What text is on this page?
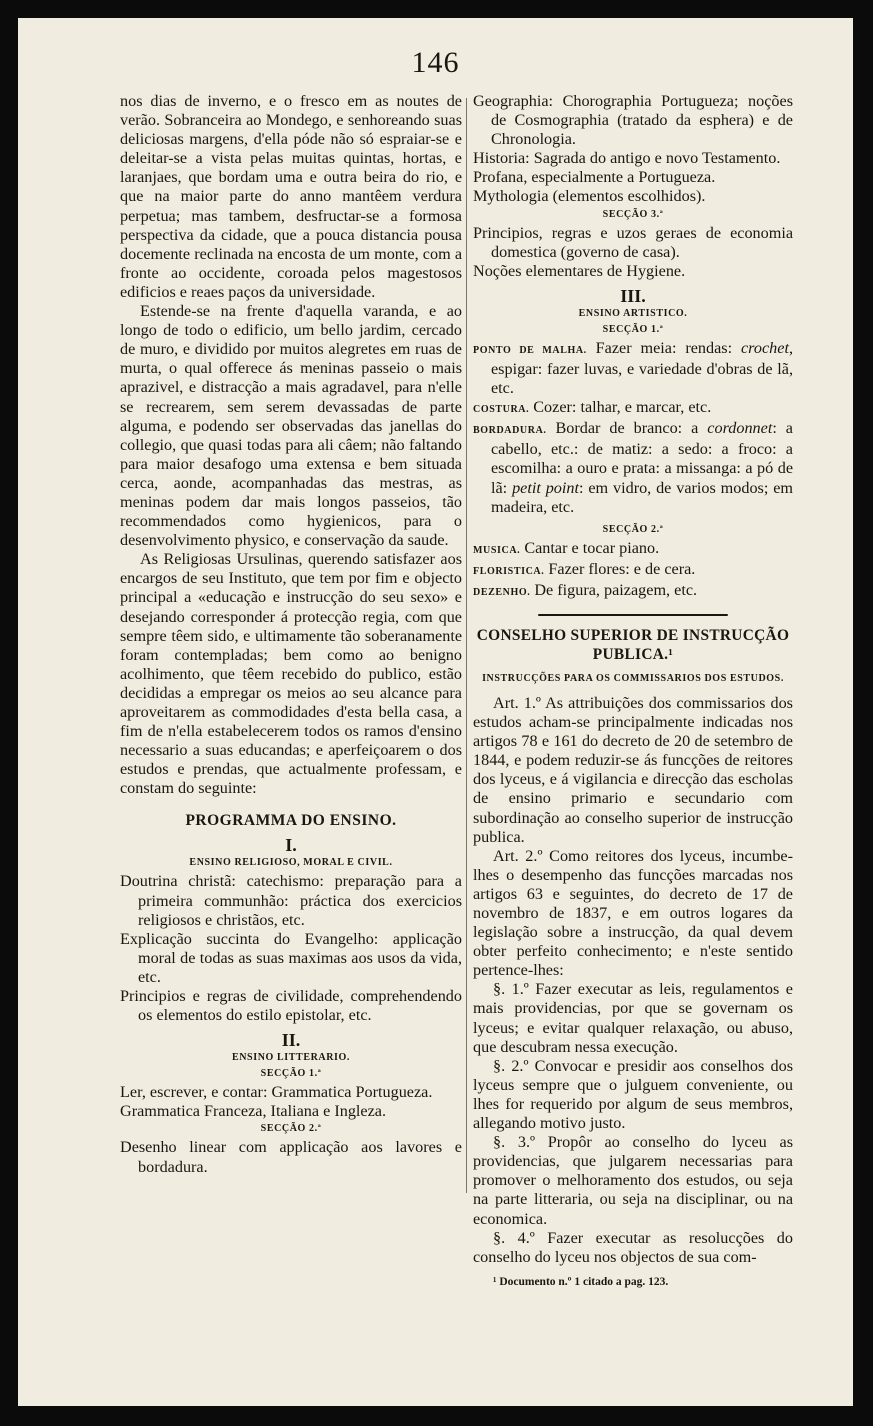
146

nos dias de inverno, e o fresco em as noutes de verão. Sobranceira ao Mondego, e senhoreando suas deliciosas margens, d'ella póde não só espraiar-se e deleitar-se a vista pelas muitas quintas, hortas, e laranjaes, que bordam uma e outra beira do rio, e que na maior parte do anno mantêem verdura perpetua; mas tambem, desfructar-se a formosa perspectiva da cidade, que a pouca distancia pousa docemente reclinada na encosta de um monte, com a fronte ao occidente, coroada pelos magestosos edificios e reaes paços da universidade.

Estende-se na frente d'aquella varanda, e ao longo de todo o edificio, um bello jardim, cercado de muro, e dividido por muitos alegretes em ruas de murta, o qual offerece ás meninas passeio o mais aprazivel, e distracção a mais agradavel, para n'elle se recrearem, sem serem devassadas de parte alguma, e podendo ser observadas das janellas do collegio, que quasi todas para ali câem; não faltando para maior desafogo uma extensa e bem situada cerca, aonde, acompanhadas das mestras, as meninas podem dar mais longos passeios, tão recommendados como hygienicos, para o desenvolvimento physico, e conservação da saude.

As Religiosas Ursulinas, querendo satisfazer aos encargos de seu Instituto, que tem por fim e objecto principal a «educação e instrucção do seu sexo» e desejando corresponder á protecção regia, com que sempre têem sido, e ultimamente tão soberanamente foram contempladas; bem como ao benigno acolhimento, que têem recebido do publico, estão decididas a empregar os meios ao seu alcance para aproveitarem as commodidades d'esta bella casa, a fim de n'ella estabelecerem todos os ramos d'ensino necessario a suas educandas; e aperfeiçoarem o dos estudos e prendas, que actualmente professam, e constam do seguinte:

PROGRAMMA DO ENSINO.
I.
ENSINO RELIGIOSO, MORAL E CIVIL.

Doutrina christã: catechismo: preparação para a primeira communhão: práctica dos exercicios religiosos e christãos, etc.

Explicação succinta do Evangelho: applicação moral de todas as suas maximas aos usos da vida, etc.

Principios e regras de civilidade, comprehendendo os elementos do estilo epistolar, etc.

II.
ENSINO LITTERARIO.
SECÇÃO 1.ª

Ler, escrever, e contar: Grammatica Portugueza.

Grammatica Franceza, Italiana e Ingleza.

SECÇÃO 2.ª

Desenho linear com applicação aos lavores e bordadura.

Geographia: Chorographia Portugueza; noções de Cosmographia (tratado da esphera) e de Chronologia.

Historia: Sagrada do antigo e novo Testamento.

Profana, especialmente a Portugueza.

Mythologia (elementos escolhidos).

SECÇÃO 3.ª

Principios, regras e uzos geraes de economia domestica (governo de casa).

Noções elementares de Hygiene.

III.
ENSINO ARTISTICO.
SECÇÃO 1.ª

PONTO DE MALHA. Fazer meia: rendas: crochet, espigar: fazer luvas, e variedade d'obras de lã, etc.

COSTURA. Cozer: talhar, e marcar, etc.

BORDADURA. Bordar de branco: a cordonnet: a cabello, etc.: de matiz: a sedo: a froco: a escomilha: a ouro e prata: a missanga: a pó de lã: petit point: em vidro, de varios modos; em madeira, etc.

SECÇÃO 2.ª

MUSICA. Cantar e tocar piano.

FLORISTICA. Fazer flores: e de cera.

DEZENHO. De figura, paizagem, etc.

CONSELHO SUPERIOR DE INSTRUCÇÃO PUBLICA.¹
INSTRUCÇÕES PARA OS COMMISSARIOS DOS ESTUDOS.

Art. 1.º As attribuições dos commissarios dos estudos acham-se principalmente indicadas nos artigos 78 e 161 do decreto de 20 de setembro de 1844, e podem reduzir-se ás funcções de reitores dos lyceus, e á vigilancia e direcção das escholas de ensino primario e secundario com subordinação ao conselho superior de instrucção publica.

Art. 2.º Como reitores dos lyceus, incumbe-lhes o desempenho das funcções marcadas nos artigos 63 e seguintes, do decreto de 17 de novembro de 1837, e em outros logares da legislação sobre a instrucção, da qual devem obter perfeito conhecimento; e n'este sentido pertence-lhes:

§. 1.º Fazer executar as leis, regulamentos e mais providencias, por que se governam os lyceus; e evitar qualquer relaxação, ou abuso, que descubram nessa execução.

§. 2.º Convocar e presidir aos conselhos dos lyceus sempre que o julguem conveniente, ou lhes for requerido por algum de seus membros, allegando motivo justo.

§. 3.º Propôr ao conselho do lyceu as providencias, que julgarem necessarias para promover o melhoramento dos estudos, ou seja na parte litteraria, ou seja na disciplinar, ou na economica.

§. 4.º Fazer executar as resolucções do conselho do lyceu nos objectos de sua com-

¹ Documento n.º 1 citado a pag. 123.
